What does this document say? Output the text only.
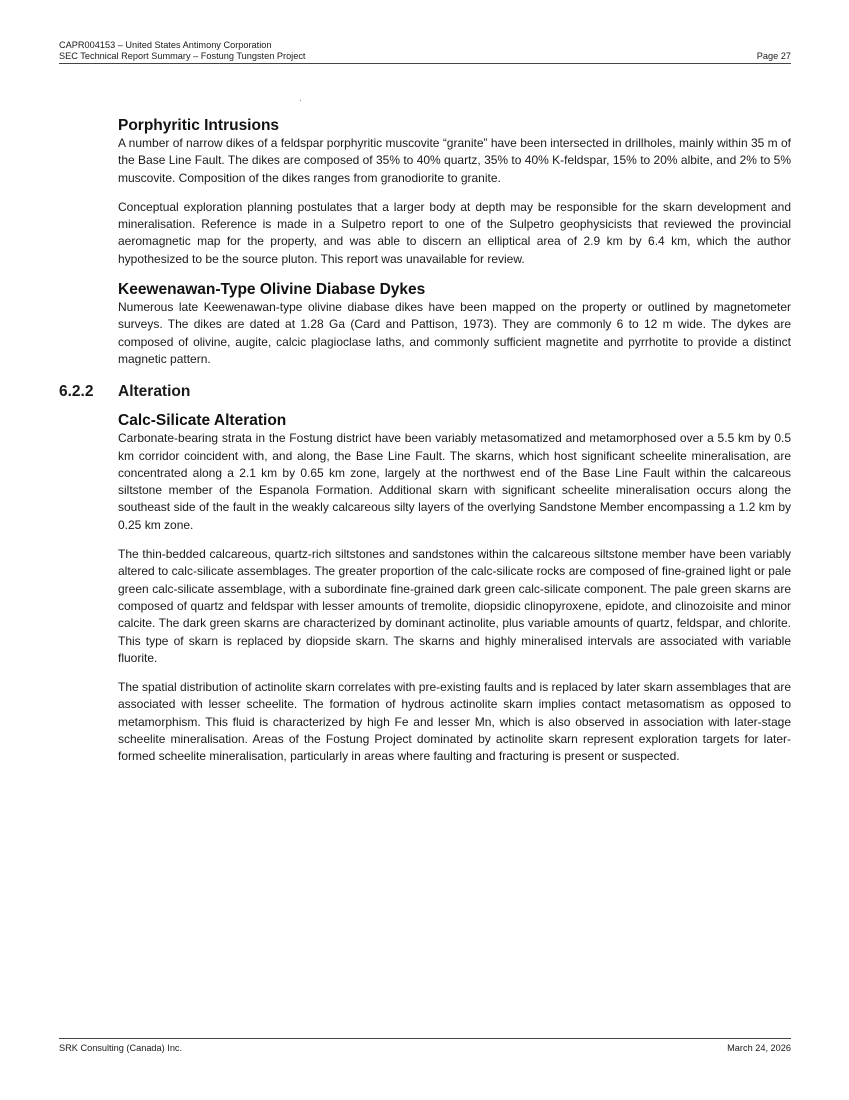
CAPR004153 – United States Antimony Corporation
SEC Technical Report Summary – Fostung Tungsten Project	Page 27
Porphyritic Intrusions

A number of narrow dikes of a feldspar porphyritic muscovite “granite” have been intersected in drillholes, mainly within 35 m of the Base Line Fault. The dikes are composed of 35% to 40% quartz, 35% to 40% K-feldspar, 15% to 20% albite, and 2% to 5% muscovite. Composition of the dikes ranges from granodiorite to granite.

Conceptual exploration planning postulates that a larger body at depth may be responsible for the skarn development and mineralisation. Reference is made in a Sulpetro report to one of the Sulpetro geophysicists that reviewed the provincial aeromagnetic map for the property, and was able to discern an elliptical area of 2.9 km by 6.4 km, which the author hypothesized to be the source pluton. This report was unavailable for review.

Keewenawan-Type Olivine Diabase Dykes

Numerous late Keewenawan-type olivine diabase dikes have been mapped on the property or outlined by magnetometer surveys. The dikes are dated at 1.28 Ga (Card and Pattison, 1973). They are commonly 6 to 12 m wide. The dykes are composed of olivine, augite, calcic plagioclase laths, and commonly sufficient magnetite and pyrrhotite to provide a distinct magnetic pattern.

6.2.2 Alteration
Calc-Silicate Alteration

Carbonate-bearing strata in the Fostung district have been variably metasomatized and metamorphosed over a 5.5 km by 0.5 km corridor coincident with, and along, the Base Line Fault. The skarns, which host significant scheelite mineralisation, are concentrated along a 2.1 km by 0.65 km zone, largely at the northwest end of the Base Line Fault within the calcareous siltstone member of the Espanola Formation. Additional skarn with significant scheelite mineralisation occurs along the southeast side of the fault in the weakly calcareous silty layers of the overlying Sandstone Member encompassing a 1.2 km by 0.25 km zone.

The thin-bedded calcareous, quartz-rich siltstones and sandstones within the calcareous siltstone member have been variably altered to calc-silicate assemblages. The greater proportion of the calc-silicate rocks are composed of fine-grained light or pale green calc-silicate assemblage, with a subordinate fine-grained dark green calc-silicate component. The pale green skarns are composed of quartz and feldspar with lesser amounts of tremolite, diopsidic clinopyroxene, epidote, and clinozoisite and minor calcite. The dark green skarns are characterized by dominant actinolite, plus variable amounts of quartz, feldspar, and chlorite. This type of skarn is replaced by diopside skarn. The skarns and highly mineralised intervals are associated with variable fluorite.

The spatial distribution of actinolite skarn correlates with pre-existing faults and is replaced by later skarn assemblages that are associated with lesser scheelite. The formation of hydrous actinolite skarn implies contact metasomatism as opposed to metamorphism. This fluid is characterized by high Fe and lesser Mn, which is also observed in association with later-stage scheelite mineralisation. Areas of the Fostung Project dominated by actinolite skarn represent exploration targets for later-formed scheelite mineralisation, particularly in areas where faulting and fracturing is present or suspected.

SRK Consulting (Canada) Inc.	March 24, 2026
